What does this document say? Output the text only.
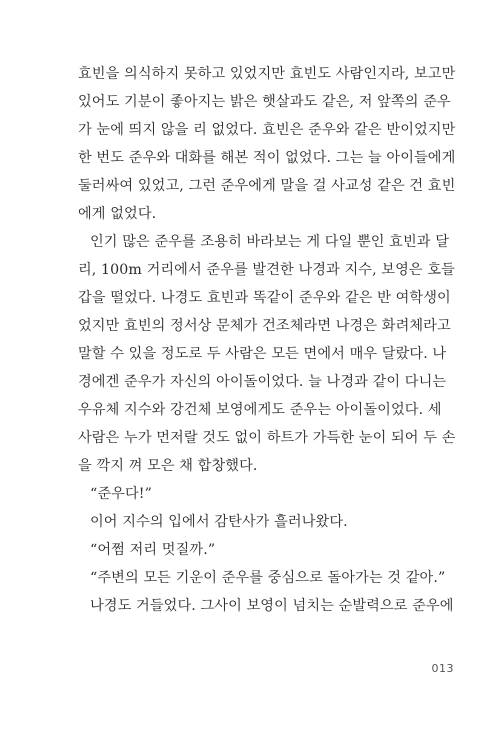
효빈을 의식하지 못하고 있었지만 효빈도 사람인지라, 보고만
있어도 기분이 좋아지는 밝은 햇살과도 같은, 저 앞쪽의 준우
가 눈에 띄지 않을 리 없었다. 효빈은 준우와 같은 반이었지만
한 번도 준우와 대화를 해본 적이 없었다. 그는 늘 아이들에게
둘러싸여 있었고, 그런 준우에게 말을 걸 사교성 같은 건 효빈
에게 없었다.
인기 많은 준우를 조용히 바라보는 게 다일 뿐인 효빈과 달
리, 100m 거리에서 준우를 발견한 나경과 지수, 보영은 호들
갑을 떨었다. 나경도 효빈과 똑같이 준우와 같은 반 여학생이
었지만 효빈의 정서상 문체가 건조체라면 나경은 화려체라고
말할 수 있을 정도로 두 사람은 모든 면에서 매우 달랐다. 나
경에겐 준우가 자신의 아이돌이었다. 늘 나경과 같이 다니는
우유체 지수와 강건체 보영에게도 준우는 아이돌이었다. 세
사람은 누가 먼저랄 것도 없이 하트가 가득한 눈이 되어 두 손
을 깍지 껴 모은 채 합창했다.
“준우다!”
이어 지수의 입에서 감탄사가 흘러나왔다.
“어쩜 저리 멋질까.”
“주변의 모든 기운이 준우를 중심으로 돌아가는 것 같아.”
나경도 거들었다. 그사이 보영이 넘치는 순발력으로 준우에
013
